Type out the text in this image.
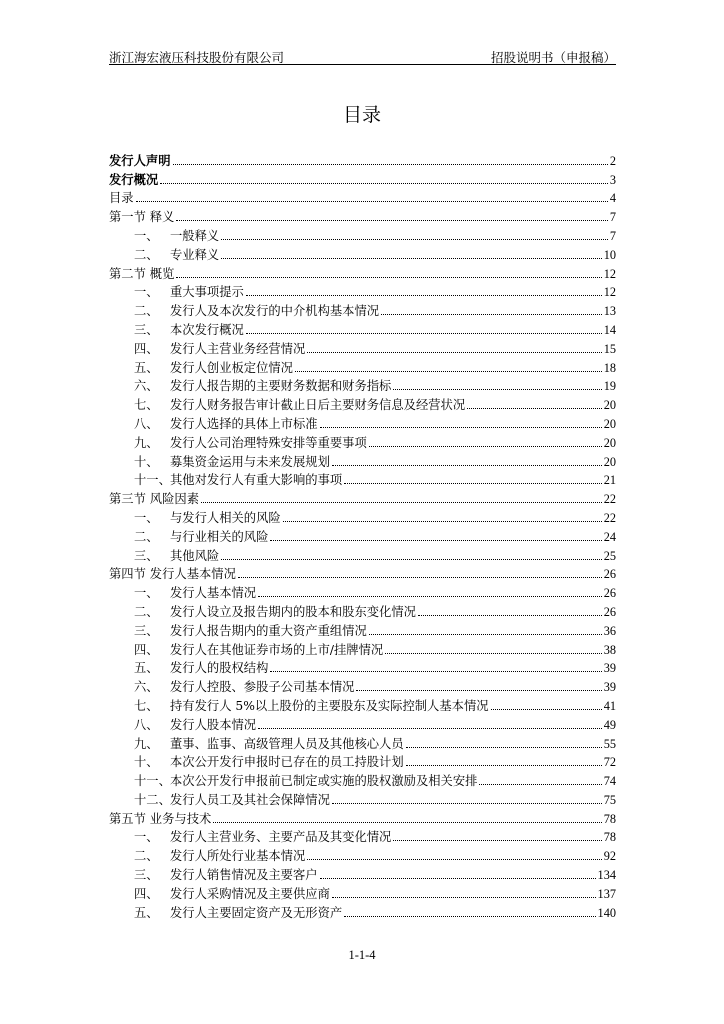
浙江海宏液压科技股份有限公司	招股说明书（申报稿）
目录
发行人声明	2
发行概况	3
目录	4
第一节 释义	7
一、 一般释义	7
二、 专业释义	10
第二节 概览	12
一、 重大事项提示	12
二、 发行人及本次发行的中介机构基本情况	13
三、 本次发行概况	14
四、 发行人主营业务经营情况	15
五、 发行人创业板定位情况	18
六、 发行人报告期的主要财务数据和财务指标	19
七、 发行人财务报告审计截止日后主要财务信息及经营状况	20
八、 发行人选择的具体上市标准	20
九、 发行人公司治理特殊安排等重要事项	20
十、 募集资金运用与未来发展规划	20
十一、 其他对发行人有重大影响的事项	21
第三节 风险因素	22
一、 与发行人相关的风险	22
二、 与行业相关的风险	24
三、 其他风险	25
第四节 发行人基本情况	26
一、 发行人基本情况	26
二、 发行人设立及报告期内的股本和股东变化情况	26
三、 发行人报告期内的重大资产重组情况	36
四、 发行人在其他证券市场的上市/挂牌情况	38
五、 发行人的股权结构	39
六、 发行人控股、参股子公司基本情况	39
七、 持有发行人 5%以上股份的主要股东及实际控制人基本情况	41
八、 发行人股本情况	49
九、 董事、监事、高级管理人员及其他核心人员	55
十、 本次公开发行申报时已存在的员工持股计划	72
十一、 本次公开发行申报前已制定或实施的股权激励及相关安排	74
十二、 发行人员工及其社会保障情况	75
第五节 业务与技术	78
一、 发行人主营业务、主要产品及其变化情况	78
二、 发行人所处行业基本情况	92
三、 发行人销售情况及主要客户	134
四、 发行人采购情况及主要供应商	137
五、 发行人主要固定资产及无形资产	140
1-1-4
